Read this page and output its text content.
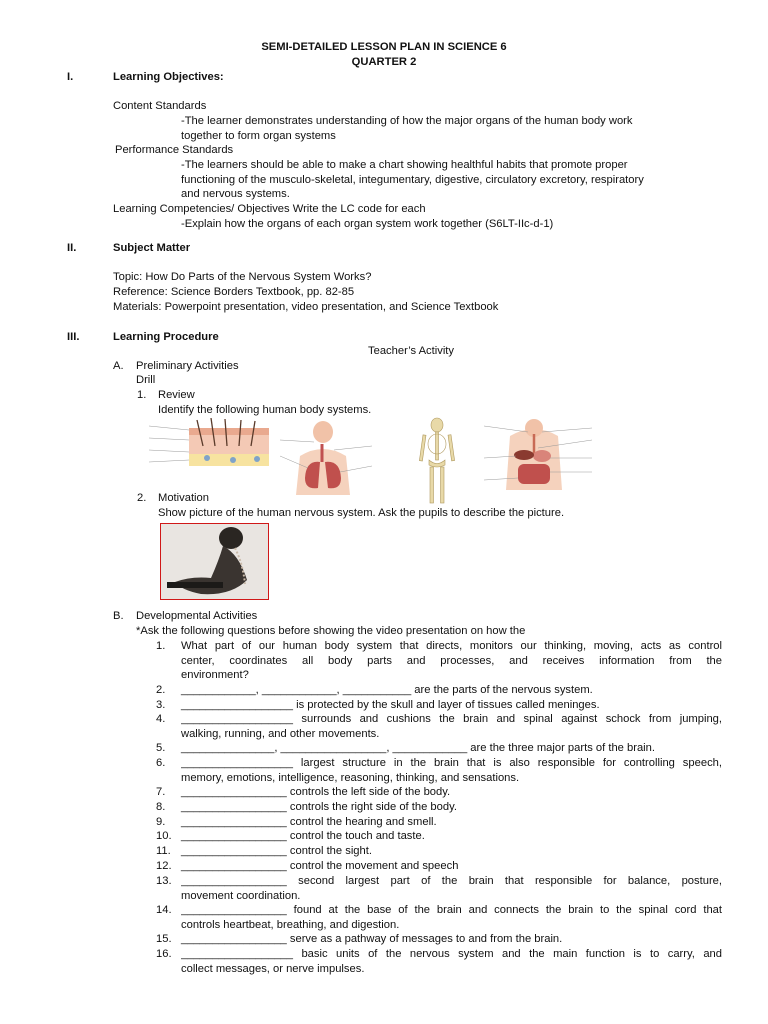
SEMI-DETAILED LESSON PLAN IN SCIENCE 6
QUARTER 2
I.	Learning Objectives:
Content Standards
-The learner demonstrates understanding of how the major organs of the human body work
together to form organ systems
Performance Standards
-The learners should be able to make a chart showing healthful habits that promote proper
functioning of the musculo-skeletal, integumentary, digestive, circulatory excretory, respiratory
and nervous systems.
Learning Competencies/ Objectives Write the LC code for each
-Explain how the organs of each organ system work together (S6LT-IIc-d-1)
II.	Subject Matter
Topic: How Do Parts of the Nervous System Works?
Reference: Science Borders Textbook, pp. 82-85
Materials: Powerpoint presentation, video presentation, and Science Textbook
III.	Learning Procedure
Teacher’s Activity
A. Preliminary Activities
Drill
1. Review
Identify the following human body systems.
2. Motivation
Show picture of the human nervous system. Ask the pupils to describe the picture.
B. Developmental Activities
*Ask the following questions before showing the video presentation on how the
1. What part of our human body system that directs, monitors our thinking, moving, acts as control
center, coordinates all body parts and processes, and receives information from the
environment?
2. ____________, ____________, ___________ are the parts of the nervous system.
3. __________________ is protected by the skull and layer of tissues called meninges.
4. __________________ surrounds and cushions the brain and spinal against schock from jumping,
walking, running, and other movements.
5. _______________, _________________, ____________ are the three major parts of the brain.
6. __________________ largest structure in the brain that is also responsible for controlling speech,
memory, emotions, intelligence, reasoning, thinking, and sensations.
7. _________________ controls the left side of the body.
8. _________________ controls the right side of the body.
9. _________________ control the hearing and smell.
10. _________________ control the touch and taste.
11. _________________ control the sight.
12. _________________ control the movement and speech
13. _________________ second largest part of the brain that responsible for balance, posture,
movement coordination.
14. _________________ found at the base of the brain and connects the brain to the spinal cord that
controls heartbeat, breathing, and digestion.
15. _________________ serve as a pathway of messages to and from the brain.
16. __________________ basic units of the nervous system and the main function is to carry, and
collect messages, or nerve impulses.
